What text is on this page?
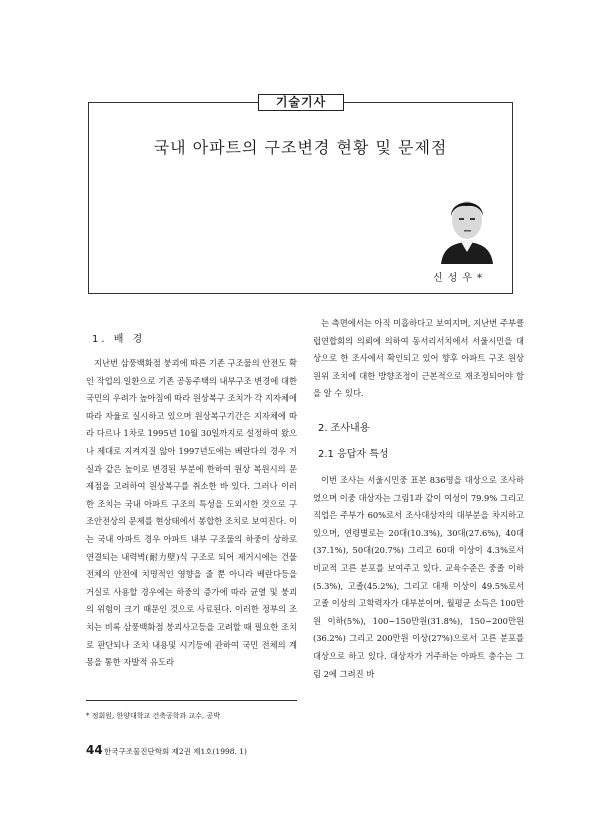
기술기사
국내 아파트의 구조변경 현황 및 문제점
신성우*
1. 배 경
지난번 삼풍백화점 붕괴에 따른 기존 구조물의 안전도 확인 작업의 일환으로 기존 공동주택의 내부구조 변경에 대한 국민의 우려가 높아짐에 따라 원상복구 조치가 각 지자체에 따라 자율로 실시하고 있으며 원상복구기간은 지자체에 따라 다르나 1차로 1995년 10월 30일까지로 설정하여 왔으나 제대로 지켜지질 않아 1997년도에는 베란다의 경우 거실과 같은 높이로 변경된 부분에 한하여 원상 복원시의 문제점을 고려하여 원상복구를 취소한 바 있다. 그러나 이러한 조치는 국내 아파트 구조의 특성을 도외시한 것으로 구조안전상의 문제를 현상태에서 봉합한 조치로 보여진다. 이는 국내 아파트 경우 아파트 내부 구조물의 하중이 상하로 연결되는 내력벽(耐力壁)식 구조로 되어 제거시에는 건물전체의 안전에 치명적인 영향을 줄 뿐 아니라 베란다등을 거실로 사용할 경우에는 하중의 증가에 따라 균열 및 붕괴의 위험이 크기 때문인 것으로 사료된다. 이러한 정부의 조치는 비록 삼풍백화점 붕괴사고등을 고려할 때 필요한 조치로 판단되나 조치 내용및 시기등에 관하여 국민 전체의 계몽을 통한 자발적 유도라

는 측면에서는 아직 미흡하다고 보여지며, 지난번 주부클럽연합회의 의뢰에 의하여 동서리서치에서 서울시민을 대상으로 한 조사에서 확인되고 있어 향후 아파트 구조 원상원위 조치에 대한 방향조정이 근본적으로 재조정되어야 함을 알 수 있다.

2. 조사내용
2.1 응답자 특성
이번 조사는 서울시민중 표본 836명을 대상으로 조사하였으며 이중 대상자는 그림1과 같이 여성이 79.9% 그리고 직업은 주부가 60%로서 조사대상자의 대부분을 차지하고 있으며, 연령별로는 20대(10.3%), 30대(27.6%), 40대(37.1%), 50대(20.7%) 그리고 60대 이상이 4.3%로서 비교적 고른 분포를 보여주고 있다. 교육수준은 중졸 이하(5.3%), 고졸(45.2%), 그리고 대재 이상이 49.5%로서 고졸 이상의 고학력자가 대부분이며, 월평균 소득은 100만원 이하(5%), 100~150만원(31.8%), 150~200만원(36.2%) 그리고 200만원 이상(27%)으로서 고른 분포를 대상으로 하고 있다. 대상자가 거주하는 아파트 층수는 그림 2에 그려진 바
* 정회원, 한양대학교 건축공학과 교수, 공박
44 한국구조물진단학회 제2권 제1호(1998. 1)
